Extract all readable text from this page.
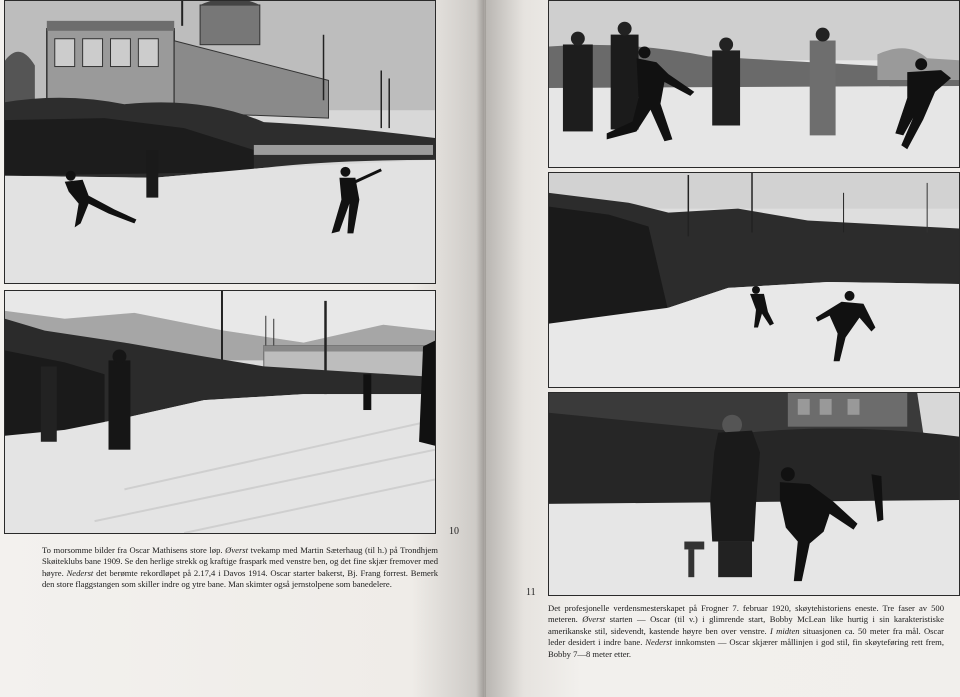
To morsomme bilder fra Oscar Mathisens store løp. Øverst tvekamp med Martin Sæterhaug (til h.) på Trondhjem Skøiteklubs bane 1909. Se den herlige strekk og kraftige fraspark med venstre ben, og det fine skjær fremover med høyre. Nederst det berømte rekordløpet på 2.17,4 i Davos 1914. Oscar starter bakerst, Bj. Frang forrest. Bemerk den store flaggstangen som skiller indre og ytre bane. Man skimter også jernstolpene som banedelere.
10
11
Det profesjonelle verdensmesterskapet på Frogner 7. februar 1920, skøytehistoriens eneste. Tre faser av 500 meteren. Øverst starten — Oscar (til v.) i glimrende start, Bobby McLean like hurtig i sin karakteristiske amerikanske stil, sidevendt, kastende høyre ben over venstre. I midten situasjonen ca. 50 meter fra mål. Oscar leder desidert i indre bane. Nederst innkomsten — Oscar skjærer mållinjen i god stil, fin skøyteføring rett frem, Bobby 7—8 meter etter.
